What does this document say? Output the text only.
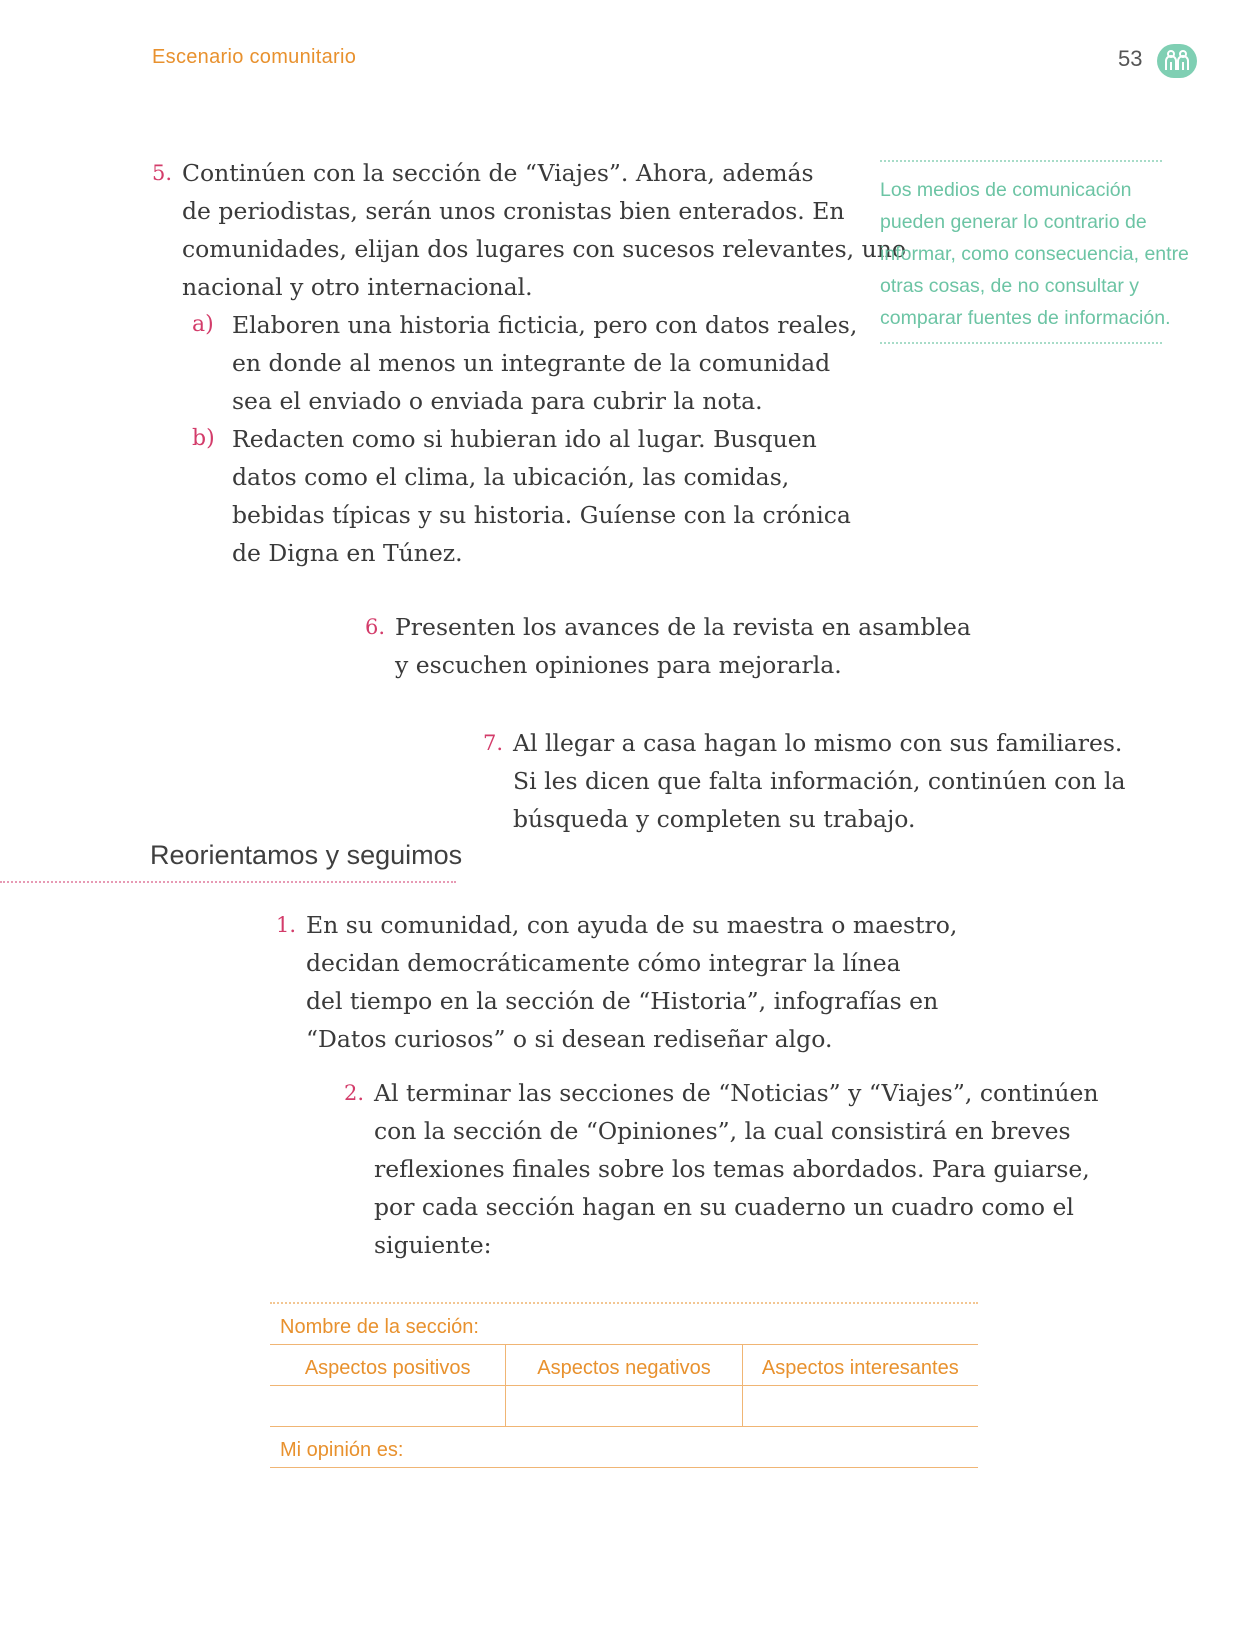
Escenario comunitario	53
5. Continúen con la sección de “Viajes”. Ahora, además
de periodistas, serán unos cronistas bien enterados. En
comunidades, elijan dos lugares con sucesos relevantes, uno
nacional y otro internacional.
a) Elaboren una historia ficticia, pero con datos reales,
en donde al menos un integrante de la comunidad
sea el enviado o enviada para cubrir la nota.
b) Redacten como si hubieran ido al lugar. Busquen
datos como el clima, la ubicación, las comidas,
bebidas típicas y su historia. Guíense con la crónica
de Digna en Túnez.
Los medios de comunicación
pueden generar lo contrario de
informar, como consecuencia, entre
otras cosas, de no consultar y
comparar fuentes de información.
6. Presenten los avances de la revista en asamblea
y escuchen opiniones para mejorarla.
7. Al llegar a casa hagan lo mismo con sus familiares.
Si les dicen que falta información, continúen con la
búsqueda y completen su trabajo.
Reorientamos y seguimos
1. En su comunidad, con ayuda de su maestra o maestro,
decidan democráticamente cómo integrar la línea
del tiempo en la sección de “Historia”, infografías en
“Datos curiosos” o si desean rediseñar algo.
2. Al terminar las secciones de “Noticias” y “Viajes”, continúen
con la sección de “Opiniones”, la cual consistirá en breves
reflexiones finales sobre los temas abordados. Para guiarse,
por cada sección hagan en su cuaderno un cuadro como el
siguiente:
Nombre de la sección:
Aspectos positivos	Aspectos negativos	Aspectos interesantes
Mi opinión es:
